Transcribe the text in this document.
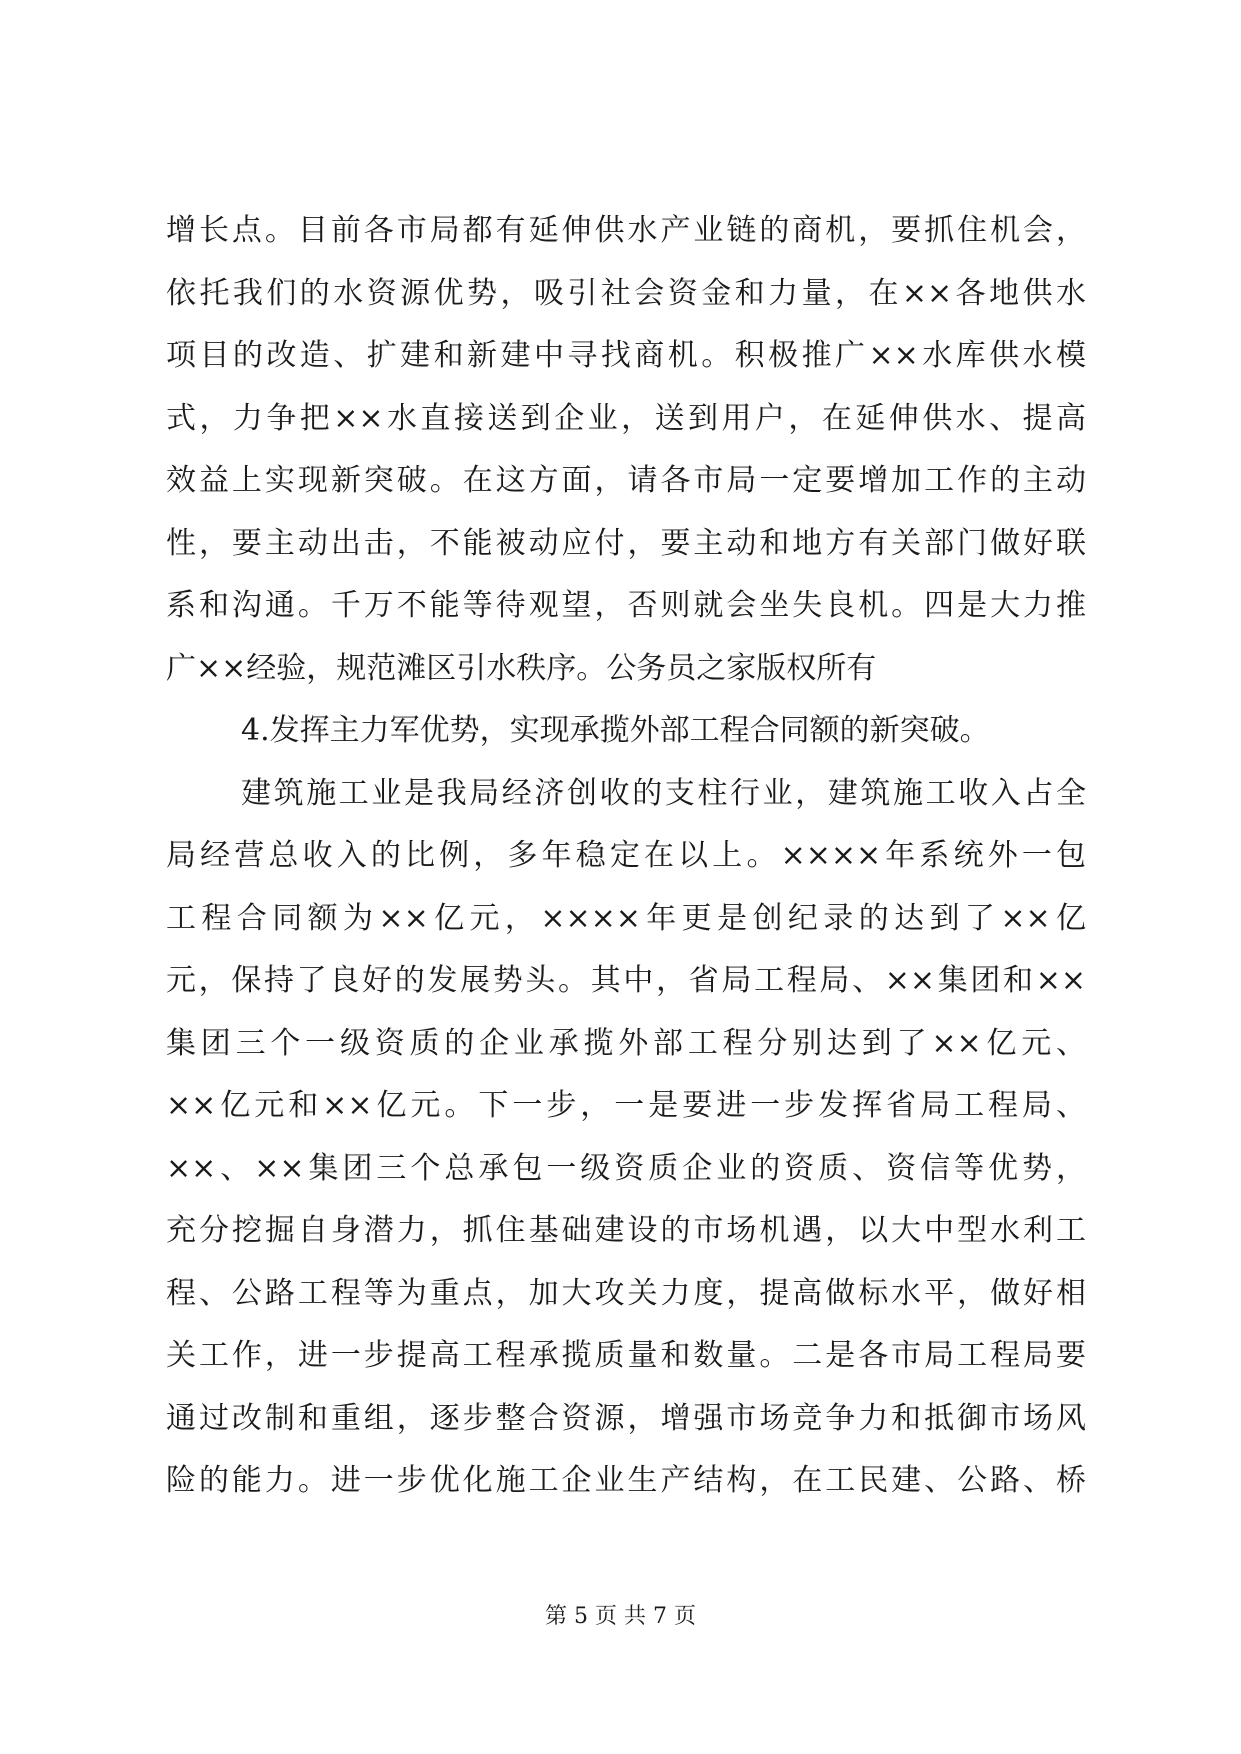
增长点。目前各市局都有延伸供水产业链的商机，要抓住机会，
依托我们的水资源优势，吸引社会资金和力量，在××各地供水
项目的改造、扩建和新建中寻找商机。积极推广××水库供水模
式，力争把××水直接送到企业，送到用户，在延伸供水、提高
效益上实现新突破。在这方面，请各市局一定要增加工作的主动
性，要主动出击，不能被动应付，要主动和地方有关部门做好联
系和沟通。千万不能等待观望，否则就会坐失良机。四是大力推
广××经验，规范滩区引水秩序。公务员之家版权所有
4.发挥主力军优势，实现承揽外部工程合同额的新突破。
建筑施工业是我局经济创收的支柱行业，建筑施工收入占全
局经营总收入的比例，多年稳定在以上。××××年系统外一包
工程合同额为××亿元，××××年更是创纪录的达到了××亿
元，保持了良好的发展势头。其中，省局工程局、××集团和××
集团三个一级资质的企业承揽外部工程分别达到了××亿元、
××亿元和××亿元。下一步，一是要进一步发挥省局工程局、
××、××集团三个总承包一级资质企业的资质、资信等优势，
充分挖掘自身潜力，抓住基础建设的市场机遇，以大中型水利工
程、公路工程等为重点，加大攻关力度，提高做标水平，做好相
关工作，进一步提高工程承揽质量和数量。二是各市局工程局要
通过改制和重组，逐步整合资源，增强市场竞争力和抵御市场风
险的能力。进一步优化施工企业生产结构，在工民建、公路、桥
第 5 页 共 7 页
